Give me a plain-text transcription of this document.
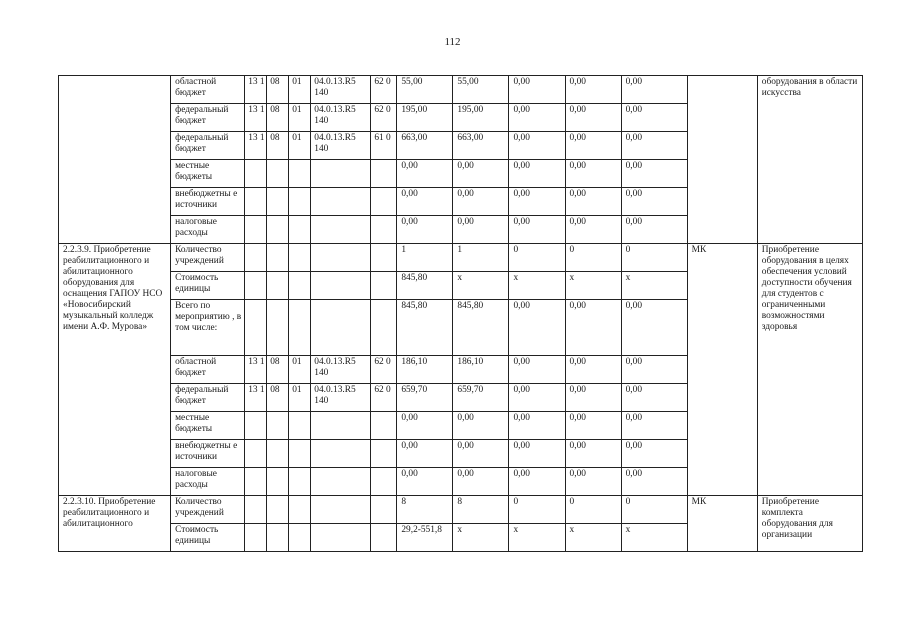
112
	областной бюджет	13 1	08	01	04.0.13.R5 140	62 0	55,00	55,00	0,00	0,00	0,00		оборудования в области искусства
	федеральный бюджет	13 1	08	01	04.0.13.R5 140	62 0	195,00	195,00	0,00	0,00	0,00		
	федеральный бюджет	13 1	08	01	04.0.13.R5 140	61 0	663,00	663,00	0,00	0,00	0,00		
	местные бюджеты						0,00	0,00	0,00	0,00	0,00		
	внебюджетны е источники						0,00	0,00	0,00	0,00	0,00		
	налоговые расходы						0,00	0,00	0,00	0,00	0,00		
2.2.3.9. Приобретение реабилитационного и абилитационного оборудования для оснащения ГАПОУ НСО «Новосибирский музыкальный колледж имени А.Ф. Мурова»	Количество учреждений						1	1	0	0	0	МК	Приобретение оборудования в целях обеспечения условий доступности обучения для студентов с ограниченными возможностями здоровья
	Стоимость единицы						845,80	x	x	x	x		
	Всего по мероприятию , в том числе:						845,80	845,80	0,00	0,00	0,00		
	областной бюджет	13 1	08	01	04.0.13.R5 140	62 0	186,10	186,10	0,00	0,00	0,00		
	федеральный бюджет	13 1	08	01	04.0.13.R5 140	62 0	659,70	659,70	0,00	0,00	0,00		
	местные бюджеты						0,00	0,00	0,00	0,00	0,00		
	внебюджетны е источники						0,00	0,00	0,00	0,00	0,00		
	налоговые расходы						0,00	0,00	0,00	0,00	0,00		
2.2.3.10. Приобретение реабилитационного и абилитационного	Количество учреждений						8	8	0	0	0	МК	Приобретение комплекта оборудования для организации
	Стоимость единицы						29,2-551,8	x	x	x	x		
